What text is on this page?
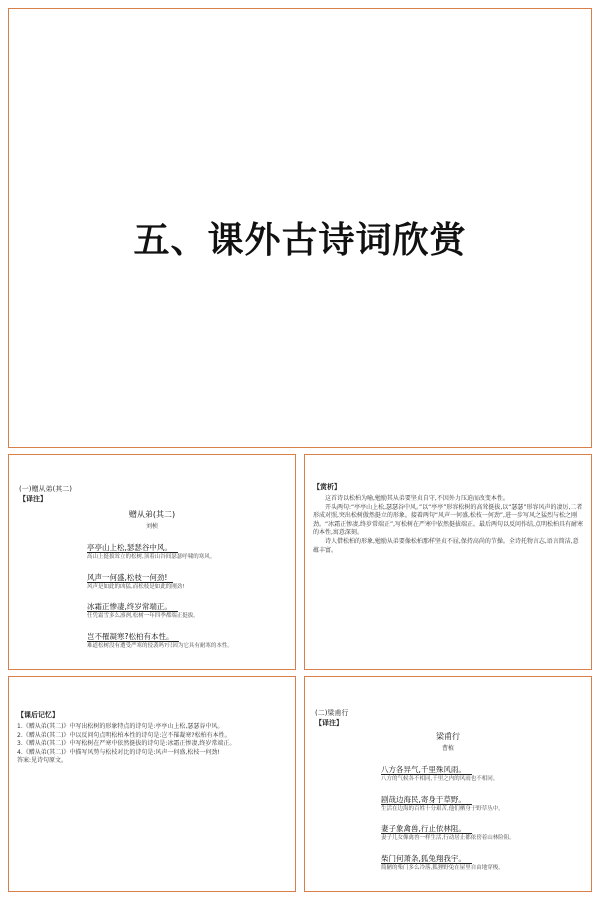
五、课外古诗词欣赏
(一)赠从弟(其二)
【译注】
赠从弟(其二)
刘桢

亭亭山上松,瑟瑟谷中风。

高山上挺拔耸立的松树,顶着山谷间瑟瑟呼啸的寒风。

风声一何盛,松枝一何劲!

风声是如此的凶猛,而松枝是如此的刚劲!

冰霜正惨凄,终岁常端正。

任凭霜雪多么凛冽,松树一年四季都端正挺拔。

岂不罹凝寒?松柏有本性。

难道松树没有遭受严寒的侵袭吗?只因为它具有耐寒的本性。

【赏析】

这首诗以松柏为喻,勉励其从弟要坚贞自守,不因外力压迫而改变本性。

开头两句:“亭亭山上松,瑟瑟谷中风。”以“亭亭”形容松树的高耸挺拔,以“瑟瑟”形容风声的凄厉,二者形成对照,突出松树傲然挺立的形象。接着两句“风声一何盛,松枝一何劲”,进一步写风之猛烈与松之刚劲。“冰霜正惨凄,终岁常端正”,写松树在严寒中依然挺拔端正。最后两句以反问作结,点明松柏具有耐寒的本性,寓意深刻。

诗人借松柏的形象,勉励从弟要像松柏那样坚贞不屈,保持高尚的节操。全诗托物言志,语言简洁,意蕴丰富。

【课后记忆】

1.《赠从弟(其二)》中写出松树的形象特点的诗句是:亭亭山上松,瑟瑟谷中风。

2.《赠从弟(其二)》中以反问句点明松柏本性的诗句是:岂不罹凝寒?松柏有本性。

3.《赠从弟(其二)》中写松树在严寒中依然挺拔的诗句是:冰霜正惨凄,终岁常端正。

4.《赠从弟(其二)》中描写风势与松枝对比的诗句是:风声一何盛,松枝一何劲!

答案:见诗句原文。

(二)梁甫行
【译注】
梁甫行
曹植

八方各异气,千里殊风雨。

八方的气候各不相同,千里之内的风雨也不相同。

剧哉边海民,寄身于草野。

生活在边海的百姓十分艰苦,他们栖身于野草丛中。

妻子象禽兽,行止依林阻。

妻子儿女像禽兽一样生活,行动居止都依傍着山林险阻。

柴门何萧条,狐兔翔我宇。

简陋的柴门多么冷落,狐狸野兔在屋里自由地穿梭。
